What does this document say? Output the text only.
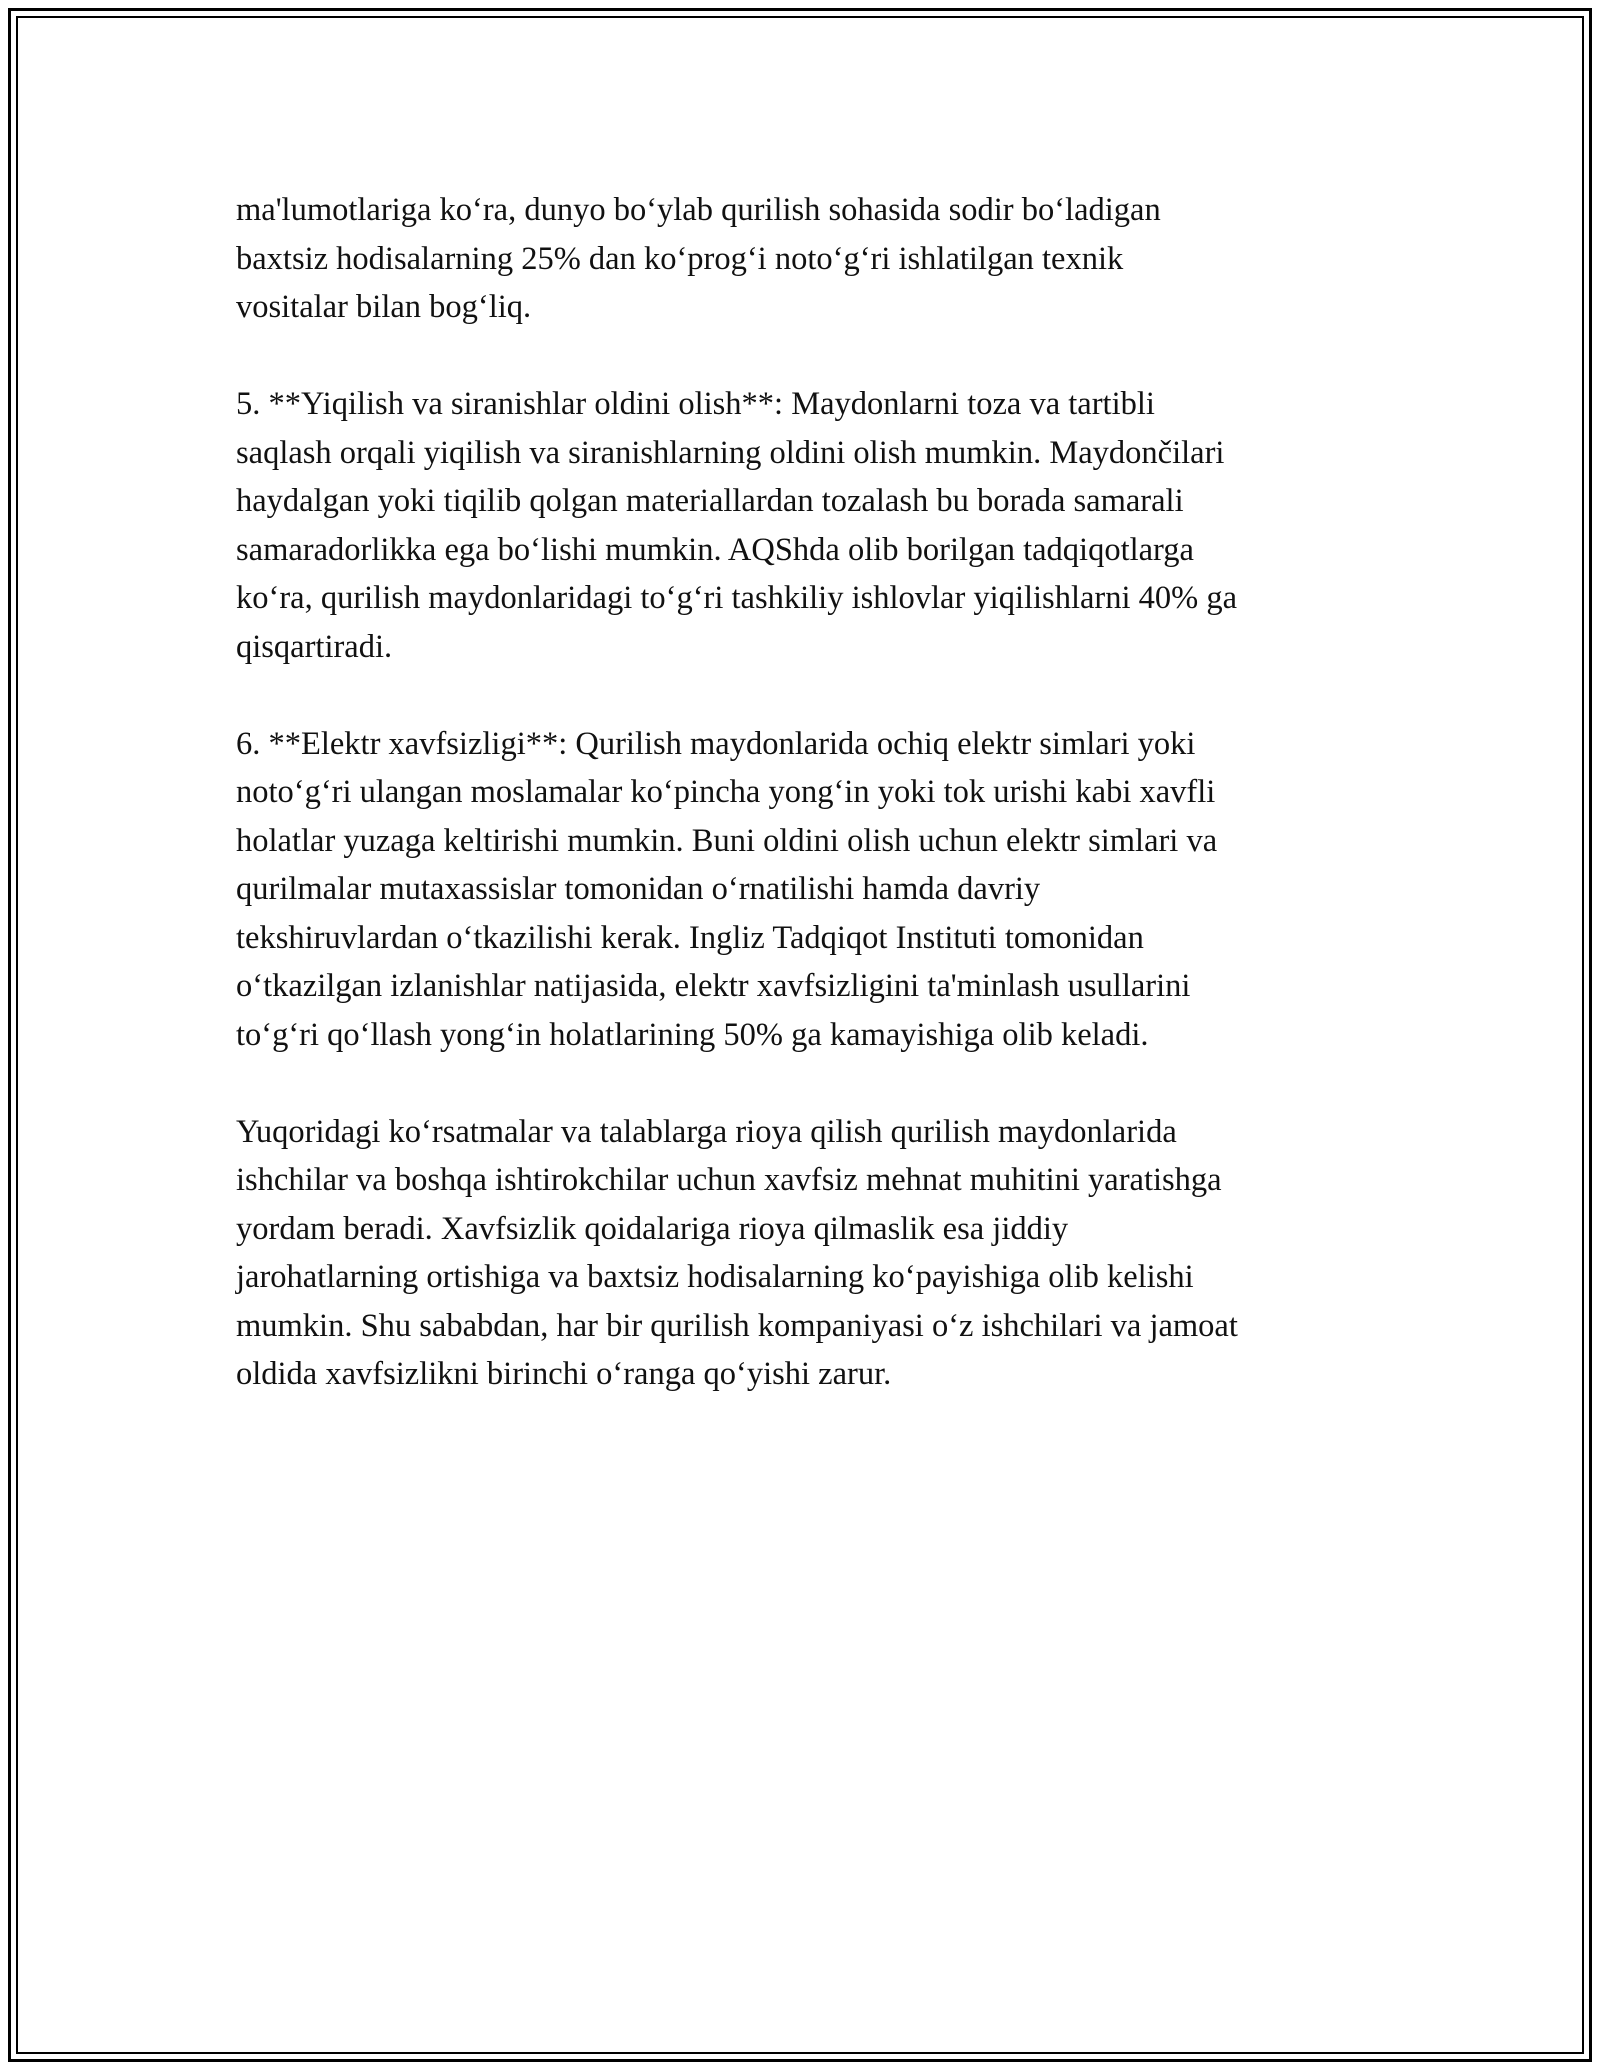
ma'lumotlariga ko‘ra, dunyo bo‘ylab qurilish sohasida sodir bo‘ladigan
baxtsiz hodisalarning 25% dan ko‘prog‘i noto‘g‘ri ishlatilgan texnik
vositalar bilan bog‘liq.

5. **Yiqilish va siranishlar oldini olish**: Maydonlarni toza va tartibli
saqlash orqali yiqilish va siranishlarning oldini olish mumkin. Maydončilari
haydalgan yoki tiqilib qolgan materiallardan tozalash bu borada samarali
samaradorlikka ega bo‘lishi mumkin. AQShda olib borilgan tadqiqotlarga
ko‘ra, qurilish maydonlaridagi to‘g‘ri tashkiliy ishlovlar yiqilishlarni 40% ga
qisqartiradi.

6. **Elektr xavfsizligi**: Qurilish maydonlarida ochiq elektr simlari yoki
noto‘g‘ri ulangan moslamalar ko‘pincha yong‘in yoki tok urishi kabi xavfli
holatlar yuzaga keltirishi mumkin. Buni oldini olish uchun elektr simlari va
qurilmalar mutaxassislar tomonidan o‘rnatilishi hamda davriy
tekshiruvlardan o‘tkazilishi kerak. Ingliz Tadqiqot Instituti tomonidan
o‘tkazilgan izlanishlar natijasida, elektr xavfsizligini ta'minlash usullarini
to‘g‘ri qo‘llash yong‘in holatlarining 50% ga kamayishiga olib keladi.

Yuqoridagi ko‘rsatmalar va talablarga rioya qilish qurilish maydonlarida
ishchilar va boshqa ishtirokchilar uchun xavfsiz mehnat muhitini yaratishga
yordam beradi. Xavfsizlik qoidalariga rioya qilmaslik esa jiddiy
jarohatlarning ortishiga va baxtsiz hodisalarning ko‘payishiga olib kelishi
mumkin. Shu sababdan, har bir qurilish kompaniyasi o‘z ishchilari va jamoat
oldida xavfsizlikni birinchi o‘ranga qo‘yishi zarur.
